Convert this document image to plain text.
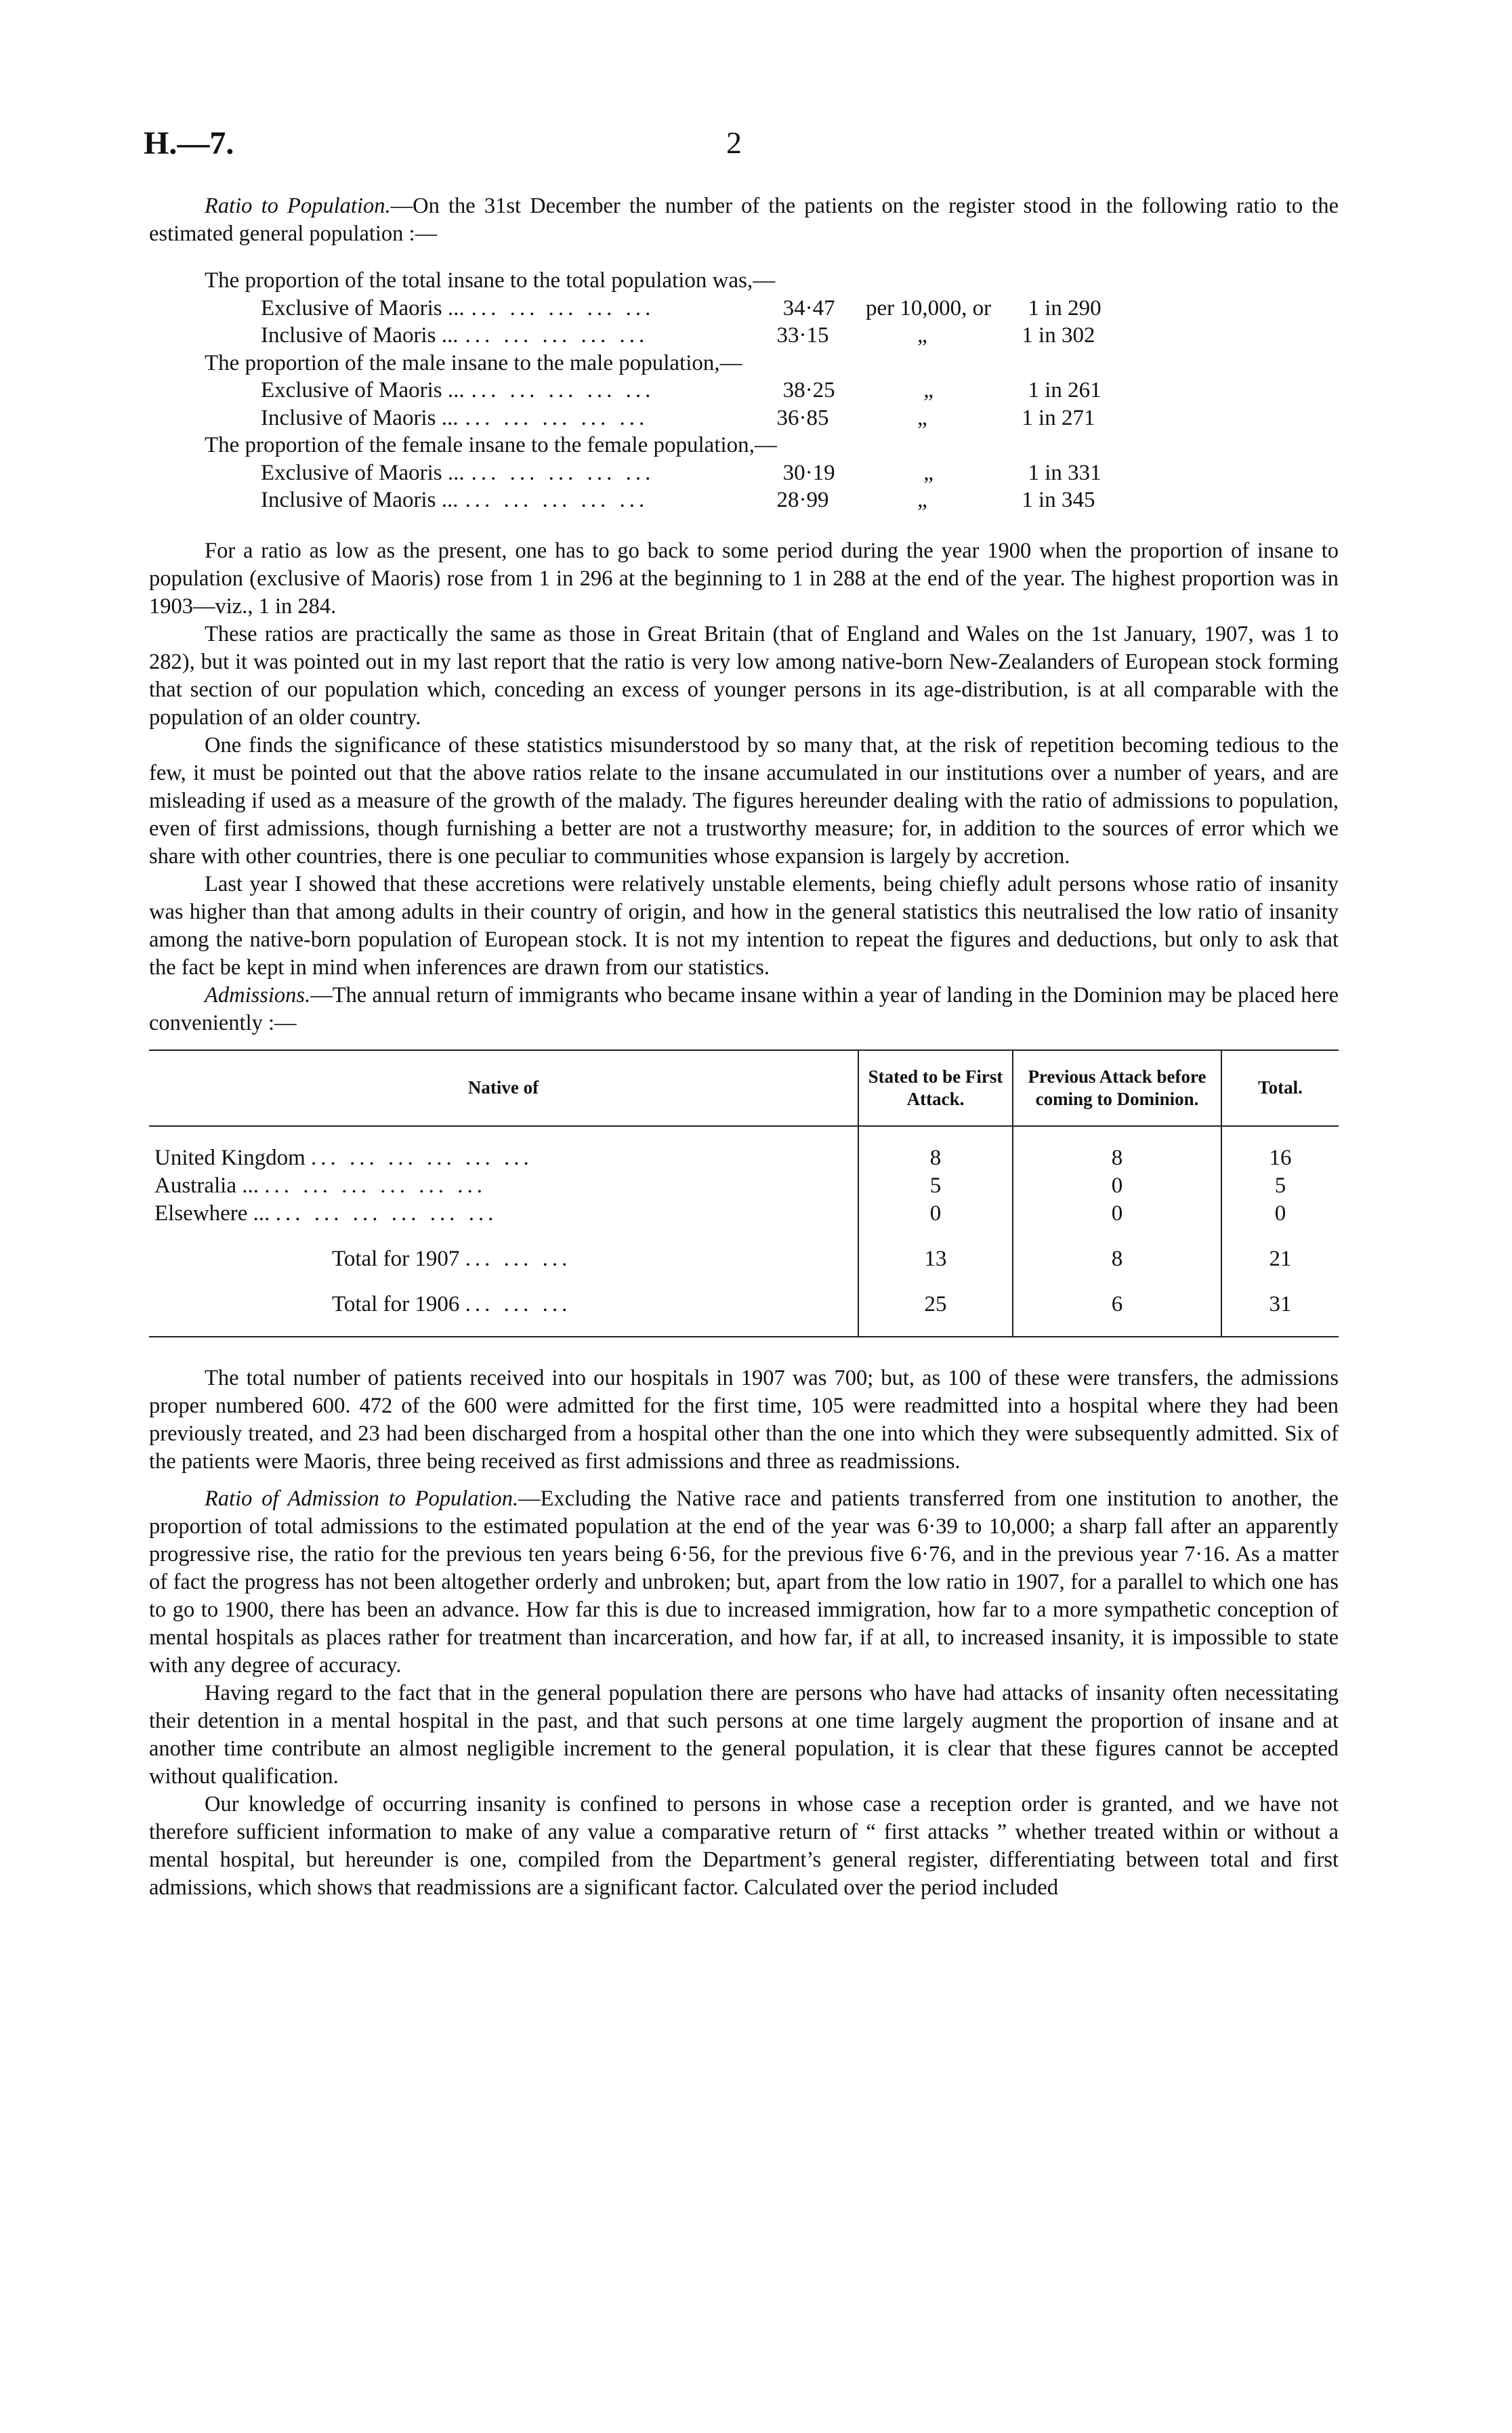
H.—7.	2

Ratio to Population.—On the 31st December the number of the patients on the register stood in the following ratio to the estimated general population :—

The proportion of the total insane to the total population was,—
Exclusive of Maoris ... ... ... ... ... ...	34·47	per 10,000, or	1 in 290
Inclusive of Maoris ... ... ... ... ... ...	33·15	„	1 in 302
The proportion of the male insane to the male population,—
Exclusive of Maoris ... ... ... ... ... ...	38·25	„	1 in 261
Inclusive of Maoris ... ... ... ... ... ...	36·85	„	1 in 271
The proportion of the female insane to the female population,—
Exclusive of Maoris ... ... ... ... ... ...	30·19	„	1 in 331
Inclusive of Maoris ... ... ... ... ... ...	28·99	„	1 in 345

For a ratio as low as the present, one has to go back to some period during the year 1900 when the proportion of insane to population (exclusive of Maoris) rose from 1 in 296 at the beginning to 1 in 288 at the end of the year. The highest proportion was in 1903—viz., 1 in 284.

These ratios are practically the same as those in Great Britain (that of England and Wales on the 1st January, 1907, was 1 to 282), but it was pointed out in my last report that the ratio is very low among native-born New-Zealanders of European stock forming that section of our population which, conceding an excess of younger persons in its age-distribution, is at all comparable with the population of an older country.

One finds the significance of these statistics misunderstood by so many that, at the risk of repetition becoming tedious to the few, it must be pointed out that the above ratios relate to the insane accumulated in our institutions over a number of years, and are misleading if used as a measure of the growth of the malady. The figures hereunder dealing with the ratio of admissions to population, even of first admissions, though furnishing a better are not a trustworthy measure; for, in addition to the sources of error which we share with other countries, there is one peculiar to communities whose expansion is largely by accretion.

Last year I showed that these accretions were relatively unstable elements, being chiefly adult persons whose ratio of insanity was higher than that among adults in their country of origin, and how in the general statistics this neutralised the low ratio of insanity among the native-born population of European stock. It is not my intention to repeat the figures and deductions, but only to ask that the fact be kept in mind when inferences are drawn from our statistics.

Admissions.—The annual return of immigrants who became insane within a year of landing in the Dominion may be placed here conveniently :—

Native of	Stated to be First Attack.	Previous Attack before coming to Dominion.	Total.

United Kingdom ... ... ... ... ... ...	8	8	16
Australia ... ... ... ... ... ... ...	5	0	5
Elsewhere ... ... ... ... ... ... ...	0	0	0

Total for 1907 ... ... ...	13	8	21

Total for 1906 ... ... ...	25	6	31

The total number of patients received into our hospitals in 1907 was 700; but, as 100 of these were transfers, the admissions proper numbered 600. 472 of the 600 were admitted for the first time, 105 were readmitted into a hospital where they had been previously treated, and 23 had been discharged from a hospital other than the one into which they were subsequently admitted. Six of the patients were Maoris, three being received as first admissions and three as readmissions.

Ratio of Admission to Population.—Excluding the Native race and patients transferred from one institution to another, the proportion of total admissions to the estimated population at the end of the year was 6·39 to 10,000; a sharp fall after an apparently progressive rise, the ratio for the previous ten years being 6·56, for the previous five 6·76, and in the previous year 7·16. As a matter of fact the progress has not been altogether orderly and unbroken; but, apart from the low ratio in 1907, for a parallel to which one has to go to 1900, there has been an advance. How far this is due to increased immigration, how far to a more sympathetic conception of mental hospitals as places rather for treatment than incarceration, and how far, if at all, to increased insanity, it is impossible to state with any degree of accuracy.

Having regard to the fact that in the general population there are persons who have had attacks of insanity often necessitating their detention in a mental hospital in the past, and that such persons at one time largely augment the proportion of insane and at another time contribute an almost negligible increment to the general population, it is clear that these figures cannot be accepted without qualification.

Our knowledge of occurring insanity is confined to persons in whose case a reception order is granted, and we have not therefore sufficient information to make of any value a comparative return of “ first attacks ” whether treated within or without a mental hospital, but hereunder is one, compiled from the Department’s general register, differentiating between total and first admissions, which shows that readmissions are a significant factor. Calculated over the period included
